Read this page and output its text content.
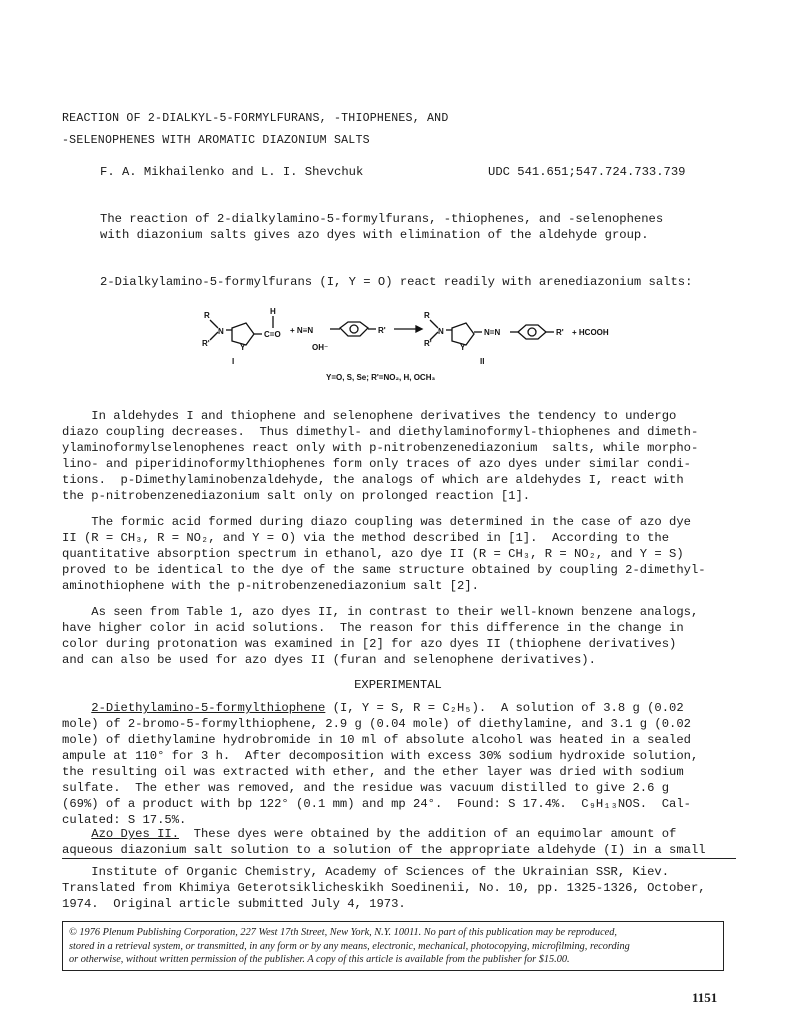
REACTION OF 2-DIALKYL-5-FORMYLFURANS, -THIOPHENES, AND
-SELENOPHENES WITH AROMATIC DIAZONIUM SALTS
F. A. Mikhailenko and L. I. Shevchuk	UDC 541.651;547.724.733.739
The reaction of 2-dialkylamino-5-formylfurans, -thiophenes, and -selenophenes
with diazonium salts gives azo dyes with elimination of the aldehyde group.
2-Dialkylamino-5-formylfurans (I, Y = O) react readily with arenediazonium salts:
R
R'
N
Y
H
C=O + N≡N
OH⁻
R'
R
R'
N
Y
N=N	R' + HCOOH
I	II
Y=O, S, Se; R'=NO₂, H, OCH₃
In aldehydes I and thiophene and selenophene derivatives the tendency to undergo
diazo coupling decreases.  Thus dimethyl- and diethylaminoformyl-thiophenes and dimeth-
ylaminoformylselenophenes react only with p-nitrobenzenediazonium  salts, while morpho-
lino- and piperidinoformylthiophenes form only traces of azo dyes under similar condi-
tions.  p-Dimethylaminobenzaldehyde, the analogs of which are aldehydes I, react with
the p-nitrobenzenediazonium salt only on prolonged reaction [1].
The formic acid formed during diazo coupling was determined in the case of azo dye
II (R = CH₃, R = NO₂, and Y = O) via the method described in [1].  According to the
quantitative absorption spectrum in ethanol, azo dye II (R = CH₃, R = NO₂, and Y = S)
proved to be identical to the dye of the same structure obtained by coupling 2-dimethyl-
aminothiophene with the p-nitrobenzenediazonium salt [2].
As seen from Table 1, azo dyes II, in contrast to their well-known benzene analogs,
have higher color in acid solutions.  The reason for this difference in the change in
color during protonation was examined in [2] for azo dyes II (thiophene derivatives)
and can also be used for azo dyes II (furan and selenophene derivatives).
EXPERIMENTAL
2-Diethylamino-5-formylthiophene (I, Y = S, R = C₂H₅).  A solution of 3.8 g (0.02
mole) of 2-bromo-5-formylthiophene, 2.9 g (0.04 mole) of diethylamine, and 3.1 g (0.02
mole) of diethylamine hydrobromide in 10 ml of absolute alcohol was heated in a sealed
ampule at 110° for 3 h.  After decomposition with excess 30% sodium hydroxide solution,
the resulting oil was extracted with ether, and the ether layer was dried with sodium
sulfate.  The ether was removed, and the residue was vacuum distilled to give 2.6 g
(69%) of a product with bp 122° (0.1 mm) and mp 24°.  Found: S 17.4%.  C₉H₁₃NOS.  Cal-
culated: S 17.5%.
Azo Dyes II.  These dyes were obtained by the addition of an equimolar amount of
aqueous diazonium salt solution to a solution of the appropriate aldehyde (I) in a small
Institute of Organic Chemistry, Academy of Sciences of the Ukrainian SSR, Kiev.
Translated from Khimiya Geterotsiklicheskikh Soedinenii, No. 10, pp. 1325-1326, October,
1974.  Original article submitted July 4, 1973.
© 1976 Plenum Publishing Corporation, 227 West 17th Street, New York, N.Y. 10011. No part of this publication may be reproduced,
stored in a retrieval system, or transmitted, in any form or by any means, electronic, mechanical, photocopying, microfilming, recording
or otherwise, without written permission of the publisher. A copy of this article is available from the publisher for $15.00.
1151
